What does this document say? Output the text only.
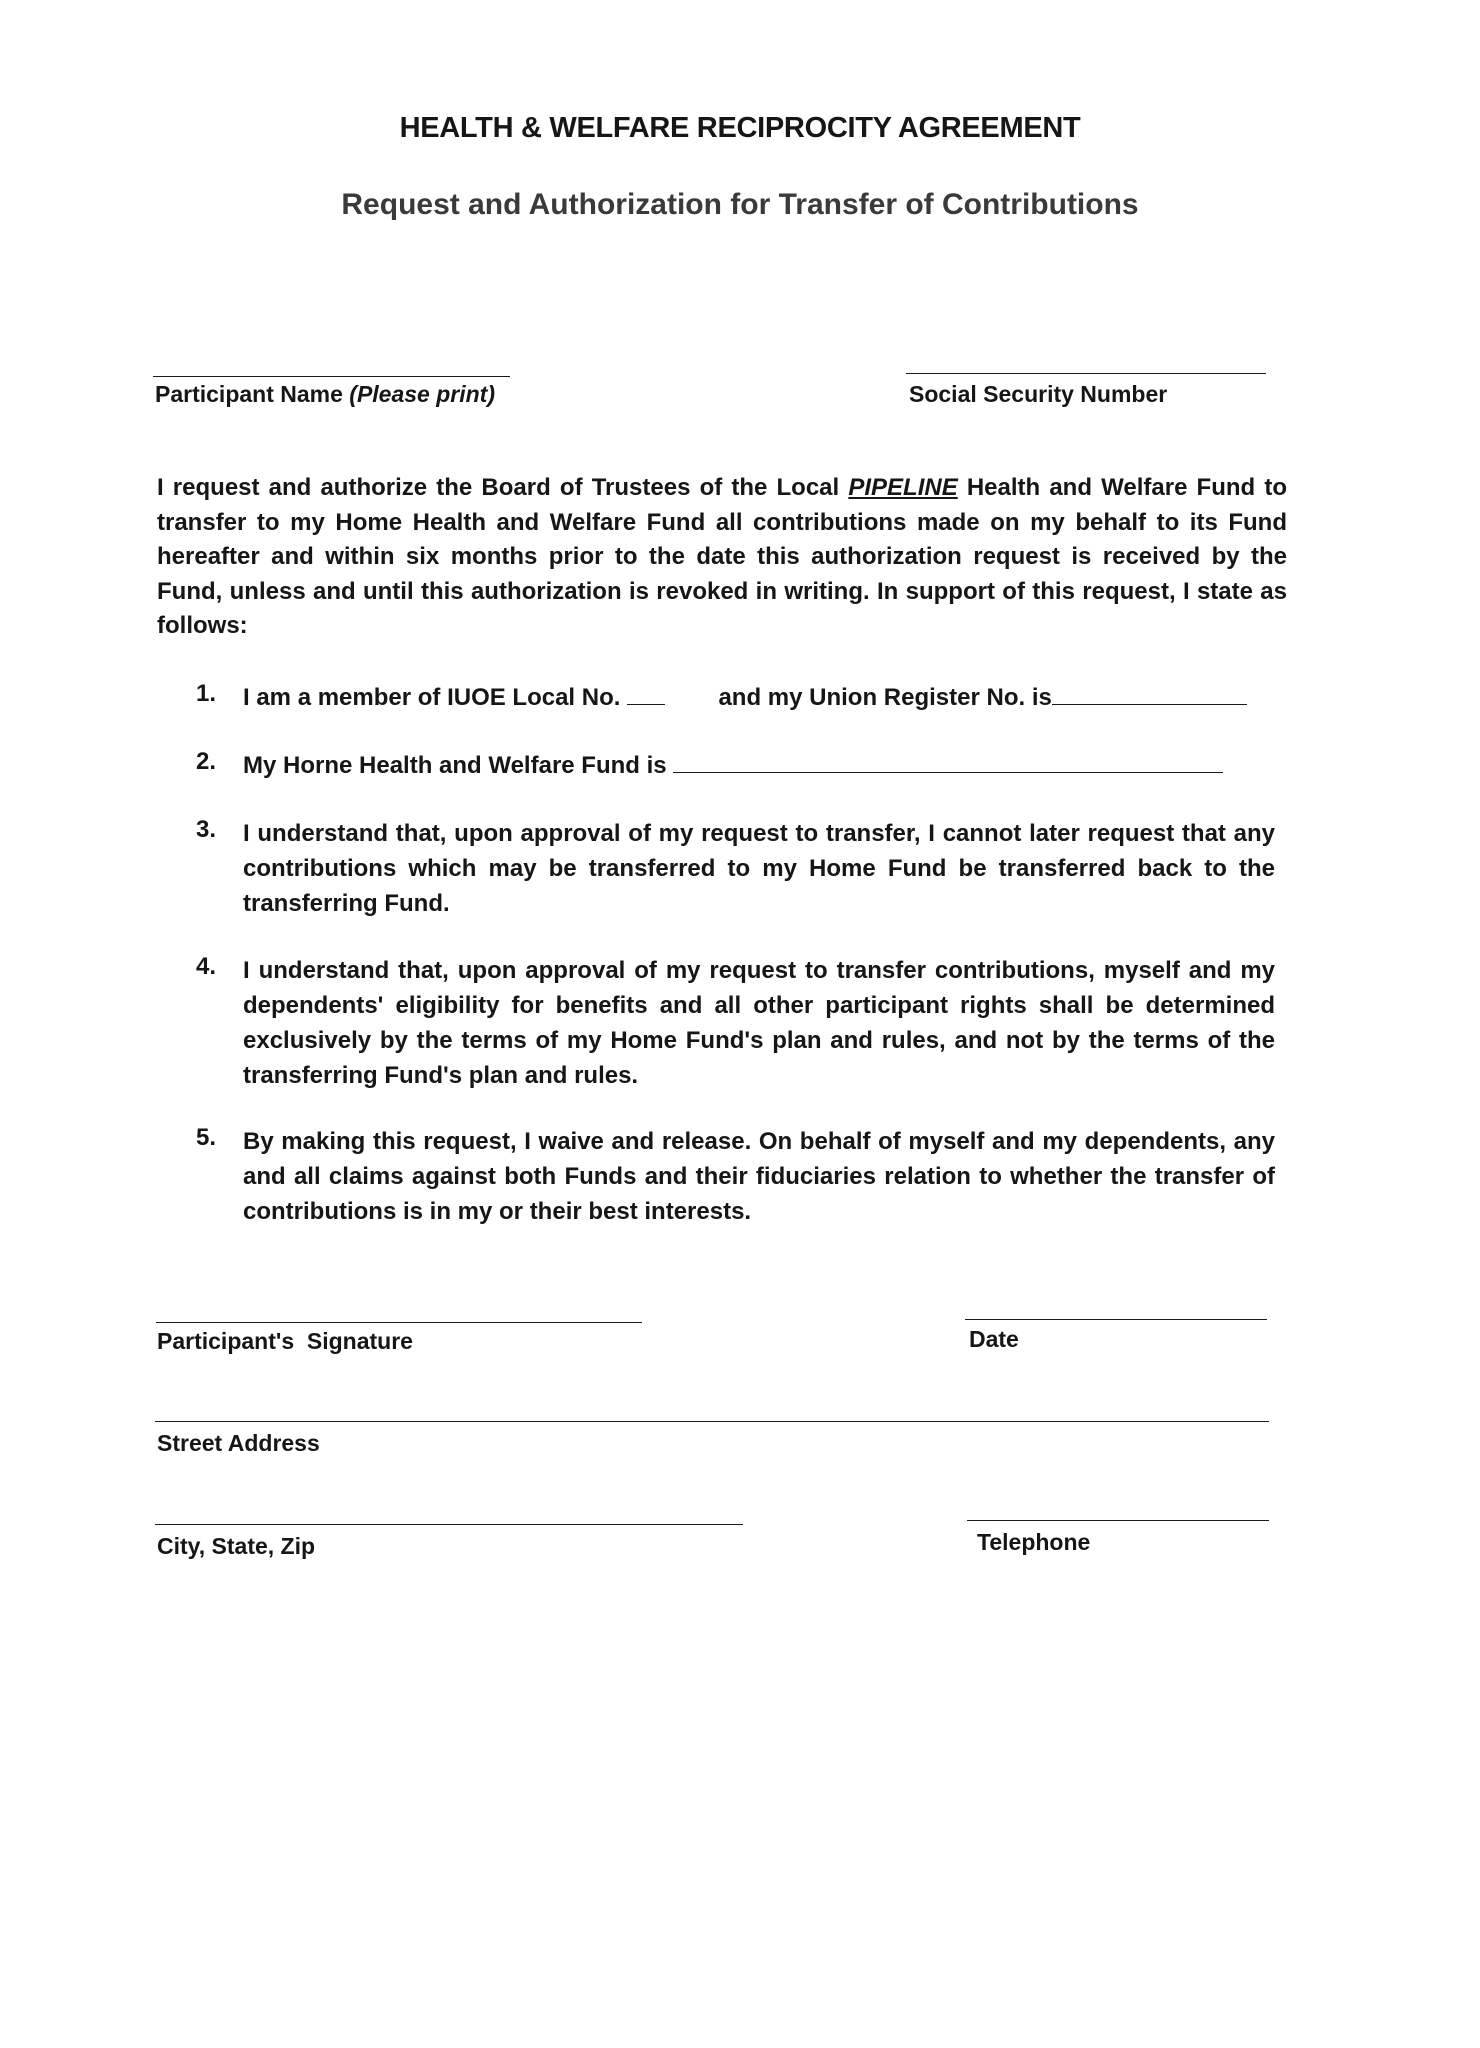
HEALTH & WELFARE RECIPROCITY AGREEMENT
Request and Authorization for Transfer of Contributions
Participant Name (Please print)	Social Security Number
I request and authorize the Board of Trustees of the Local PIPELINE Health and Welfare Fund to transfer to my Home Health and Welfare Fund all contributions made on my behalf to its Fund hereafter and within six months prior to the date this authorization request is received by the Fund, unless and until this authorization is revoked in writing. In support of this request, I state as follows:
1.	I am a member of IUOE Local No.	and my Union Register No. is
2.	My Horne Health and Welfare Fund is
3.	I understand that, upon approval of my request to transfer, I cannot later request that any contributions which may be transferred to my Home Fund be transferred back to the transferring Fund.
4.	I understand that, upon approval of my request to transfer contributions, myself and my dependents' eligibility for benefits and all other participant rights shall be determined exclusively by the terms of my Home Fund's plan and rules, and not by the terms of the transferring Fund's plan and rules.
5.	By making this request, I waive and release. On behalf of myself and my dependents, any and all claims against both Funds and their fiduciaries relation to whether the transfer of contributions is in my or their best interests.
Participant's  Signature	Date
Street Address
City, State, Zip	Telephone
